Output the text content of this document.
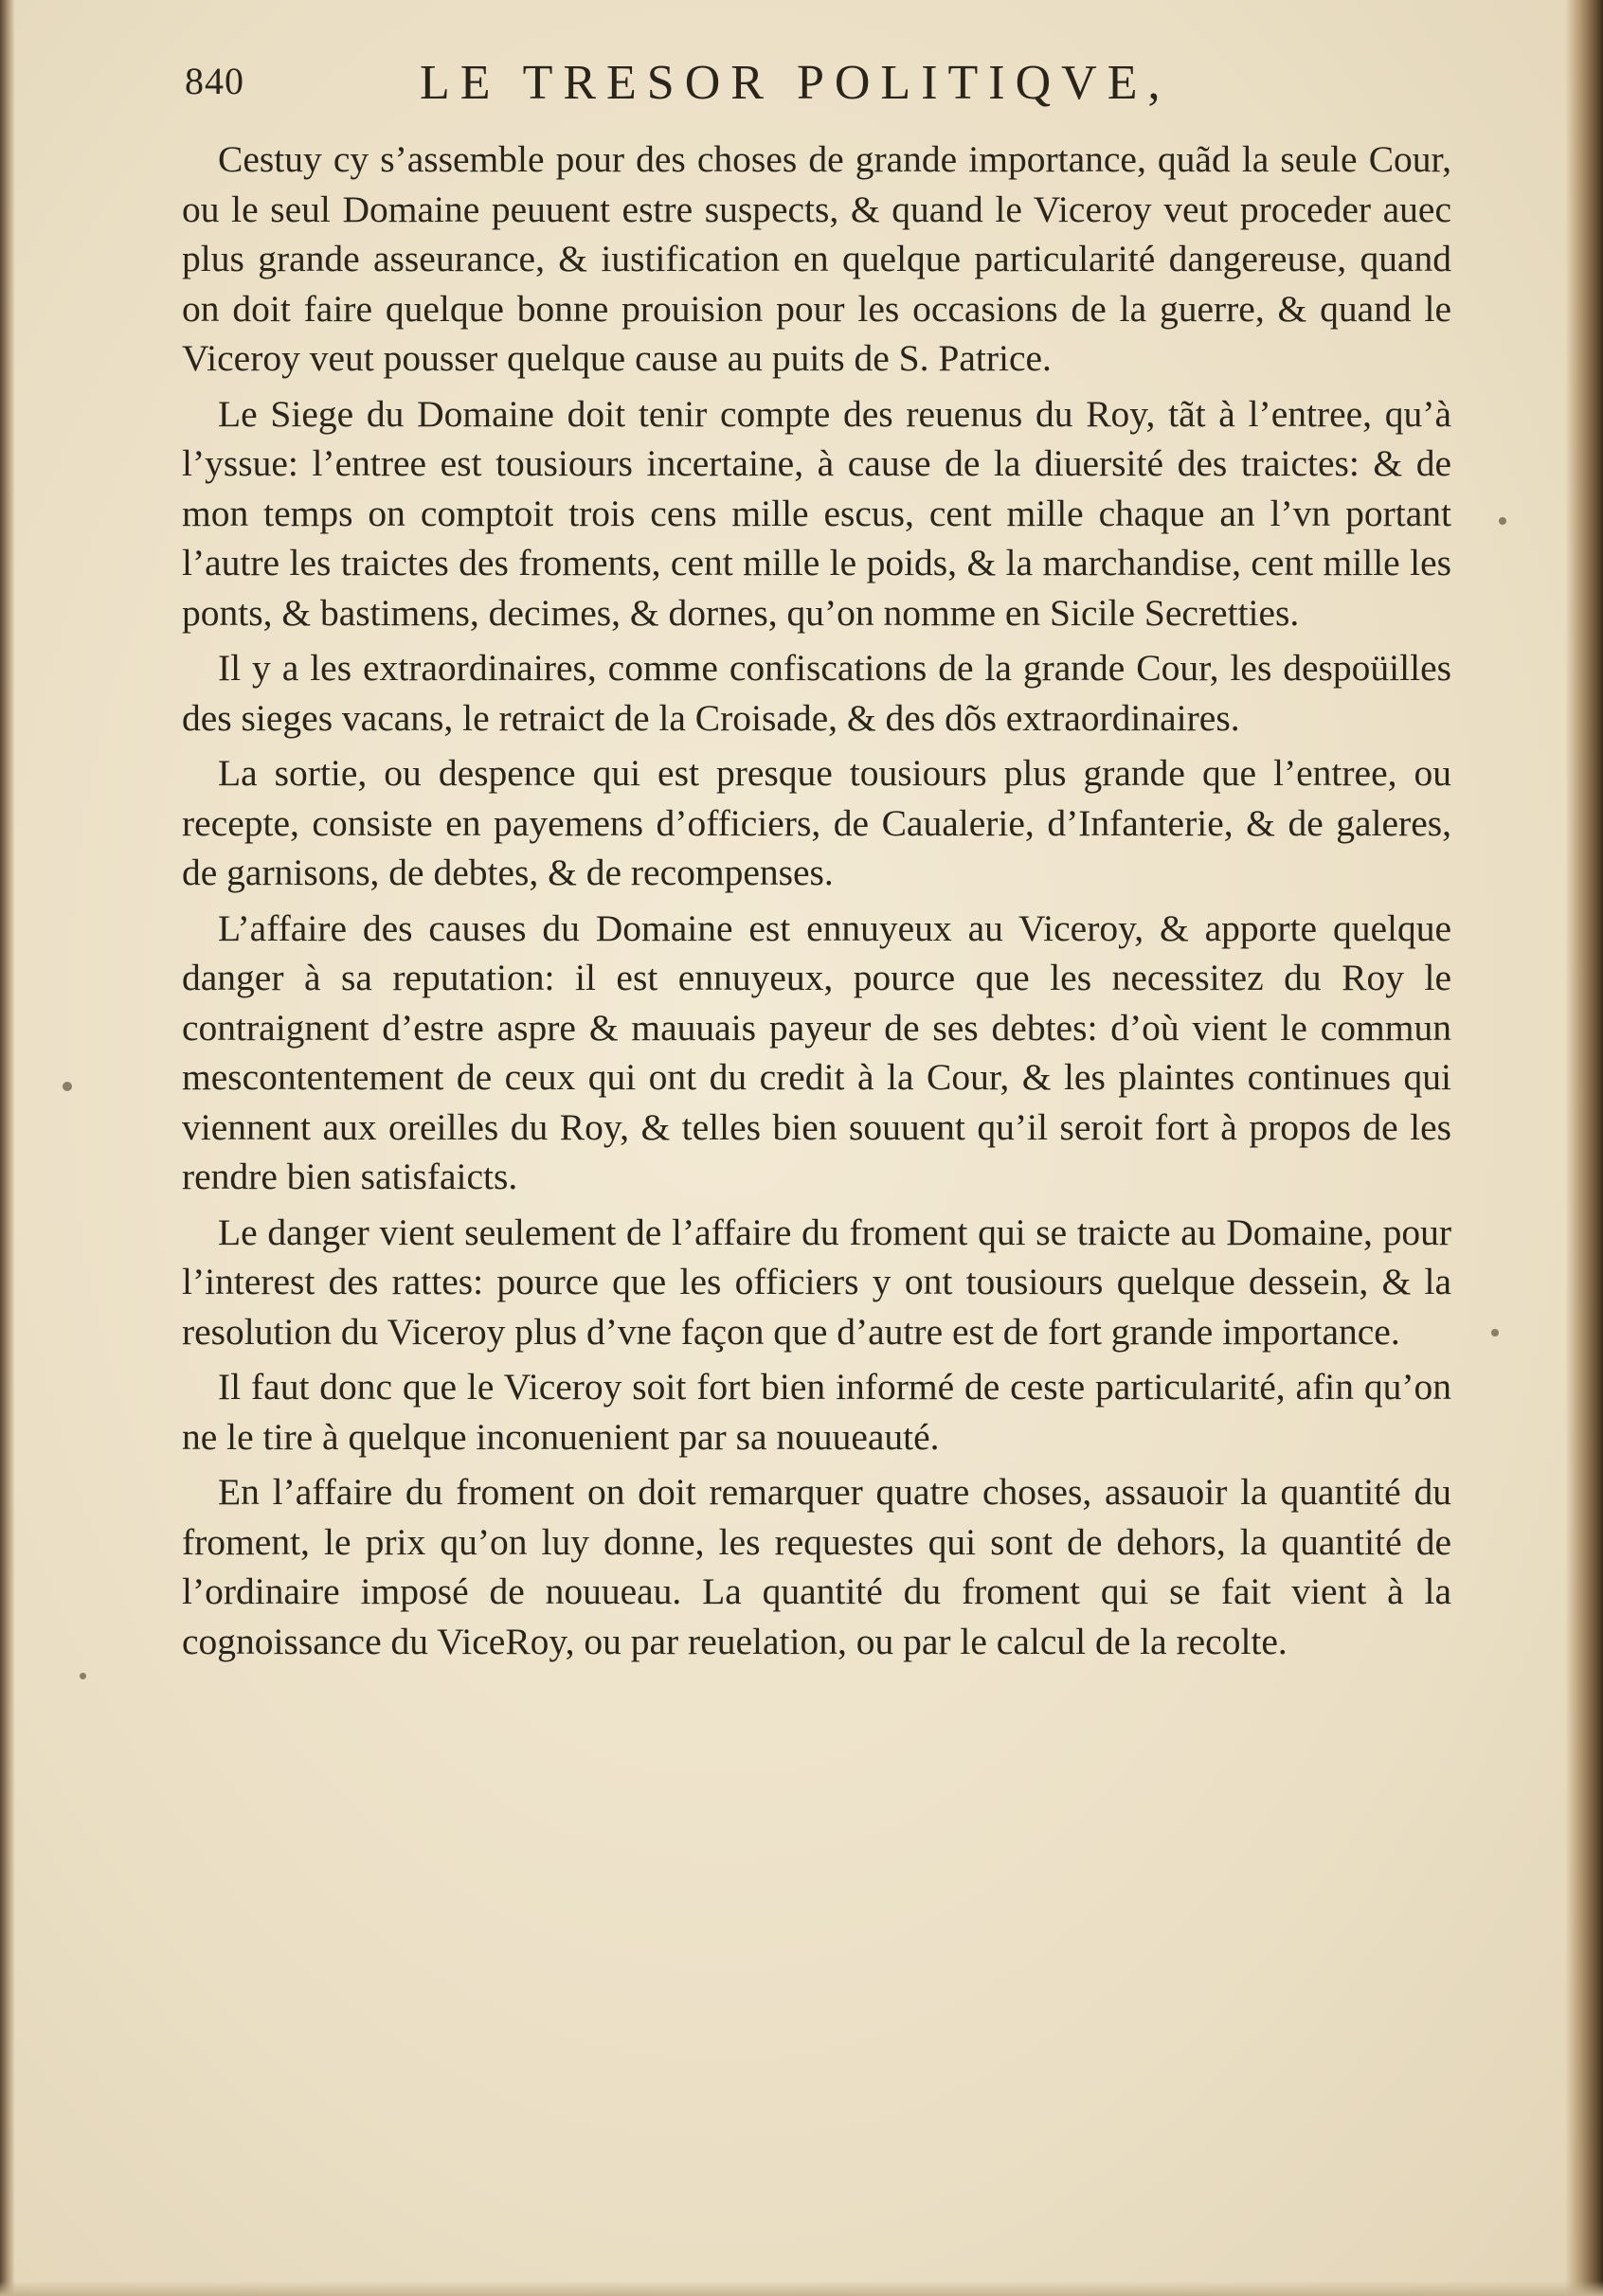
840	LE TRESOR POLITIQVE,

Cestuy cy s’assemble pour des choses de grande importance, quãd la seule Cour, ou le seul Domaine peuuent estre suspects, & quand le Viceroy veut proceder auec plus grande asseurance, & iustification en quelque particularité dangereuse, quand on doit faire quelque bonne prouision pour les occasions de la guerre, & quand le Viceroy veut pousser quelque cause au puits de S. Patrice.

Le Siege du Domaine doit tenir compte des reuenus du Roy, tãt à l’entree, qu’à l’yssue: l’entree est tousiours incertaine, à cause de la diuersité des traictes: & de mon temps on comptoit trois cens mille escus, cent mille chaque an l’vn portant l’autre les traictes des froments, cent mille le poids, & la marchandise, cent mille les ponts, & bastimens, decimes, & dornes, qu’on nomme en Sicile Secretties.

Il y a les extraordinaires, comme confiscations de la grande Cour, les despoüilles des sieges vacans, le retraict de la Croisade, & des dõs extraordinaires.

La sortie, ou despence qui est presque tousiours plus grande que l’entree, ou recepte, consiste en payemens d’officiers, de Caualerie, d’Infanterie, & de galeres, de garnisons, de debtes, & de recompenses.

L’affaire des causes du Domaine est ennuyeux au Viceroy, & apporte quelque danger à sa reputation: il est ennuyeux, pource que les necessitez du Roy le contraignent d’estre aspre & mauuais payeur de ses debtes: d’où vient le commun mescontentement de ceux qui ont du credit à la Cour, & les plaintes continues qui viennent aux oreilles du Roy, & telles bien souuent qu’il seroit fort à propos de les rendre bien satisfaicts.

Le danger vient seulement de l’affaire du froment qui se traicte au Domaine, pour l’interest des rattes: pource que les officiers y ont tousiours quelque dessein, & la resolution du Viceroy plus d’vne façon que d’autre est de fort grande importance.

Il faut donc que le Viceroy soit fort bien informé de ceste particularité, afin qu’on ne le tire à quelque inconuenient par sa nouueauté.

En l’affaire du froment on doit remarquer quatre choses, assauoir la quantité du froment, le prix qu’on luy donne, les requestes qui sont de dehors, la quantité de l’ordinaire imposé de nouueau. La quantité du froment qui se fait vient à la cognoissance du ViceRoy, ou par reuelation, ou par le calcul de la recolte.
